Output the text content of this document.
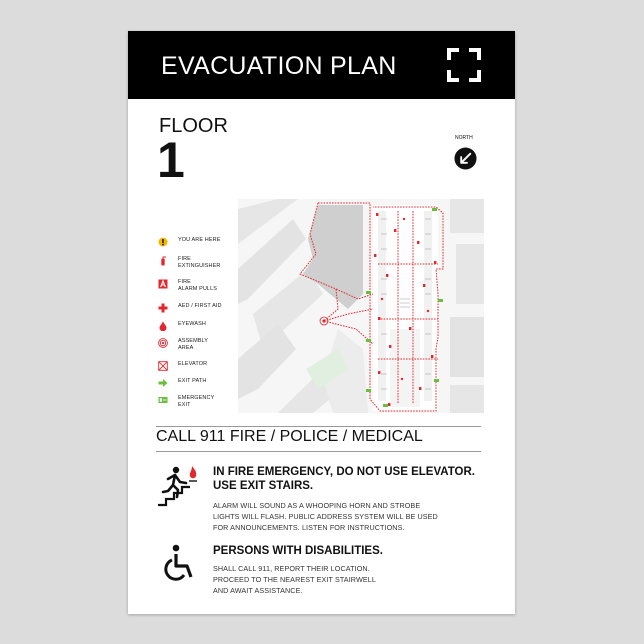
EVACUATION PLAN
FLOOR
1	NORTH
YOU ARE HERE
FIRE
EXTINGUISHER
FIRE
ALARM PULLS
AED / FIRST AID
EYEWASH
ASSEMBLY
AREA
ELEVATOR
EXIT PATH
EMERGENCY
EXIT
CALL 911 FIRE / POLICE / MEDICAL
IN FIRE EMERGENCY, DO NOT USE ELEVATOR. USE EXIT STAIRS.
ALARM WILL SOUND AS A WHOOPING HORN AND STROBE
LIGHTS WILL FLASH. PUBLIC ADDRESS SYSTEM WILL BE USED
FOR ANNOUNCEMENTS. LISTEN FOR INSTRUCTIONS.
PERSONS WITH DISABILITIES.
SHALL CALL 911, REPORT THEIR LOCATION.
PROCEED TO THE NEAREST EXIT STAIRWELL
AND AWAIT ASSISTANCE.
